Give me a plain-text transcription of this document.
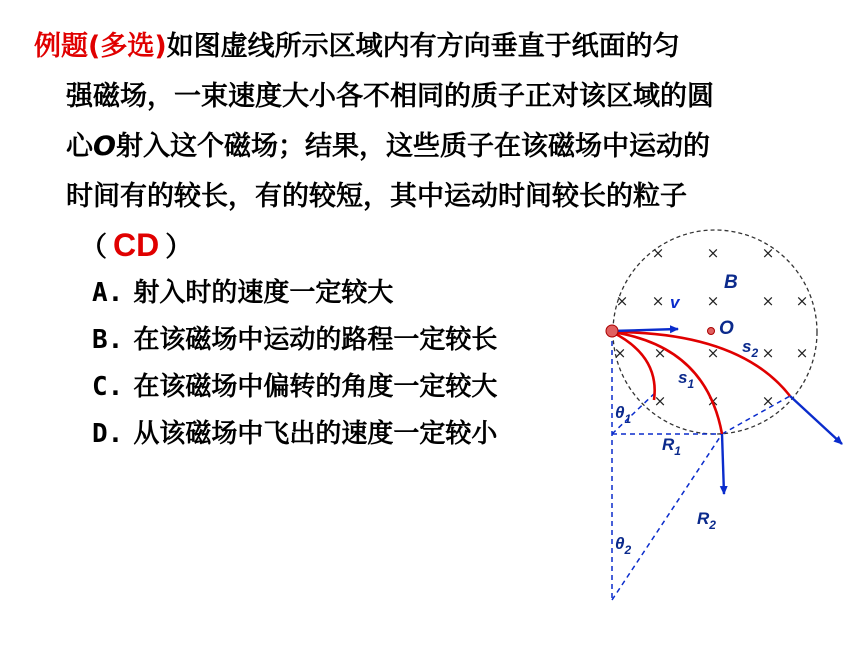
例题(多选)如图虚线所示区域内有方向垂直于纸面的匀
强磁场，一束速度大小各不相同的质子正对该区域的圆
心O射入这个磁场；结果，这些质子在该磁场中运动的
时间有的较长，有的较短，其中运动时间较长的粒子
（ CD ）
A. 射入时的速度一定较大
B. 在该磁场中运动的路程一定较长
C. 在该磁场中偏转的角度一定较大
D. 从该磁场中飞出的速度一定较小
×	×	×
× ×	×	× ×
× ×	×	× ×
×	×	×
B
v
O
$s_2$
$s_1$
$\theta_1$
$R_1$
$R_2$
$\theta_2$
